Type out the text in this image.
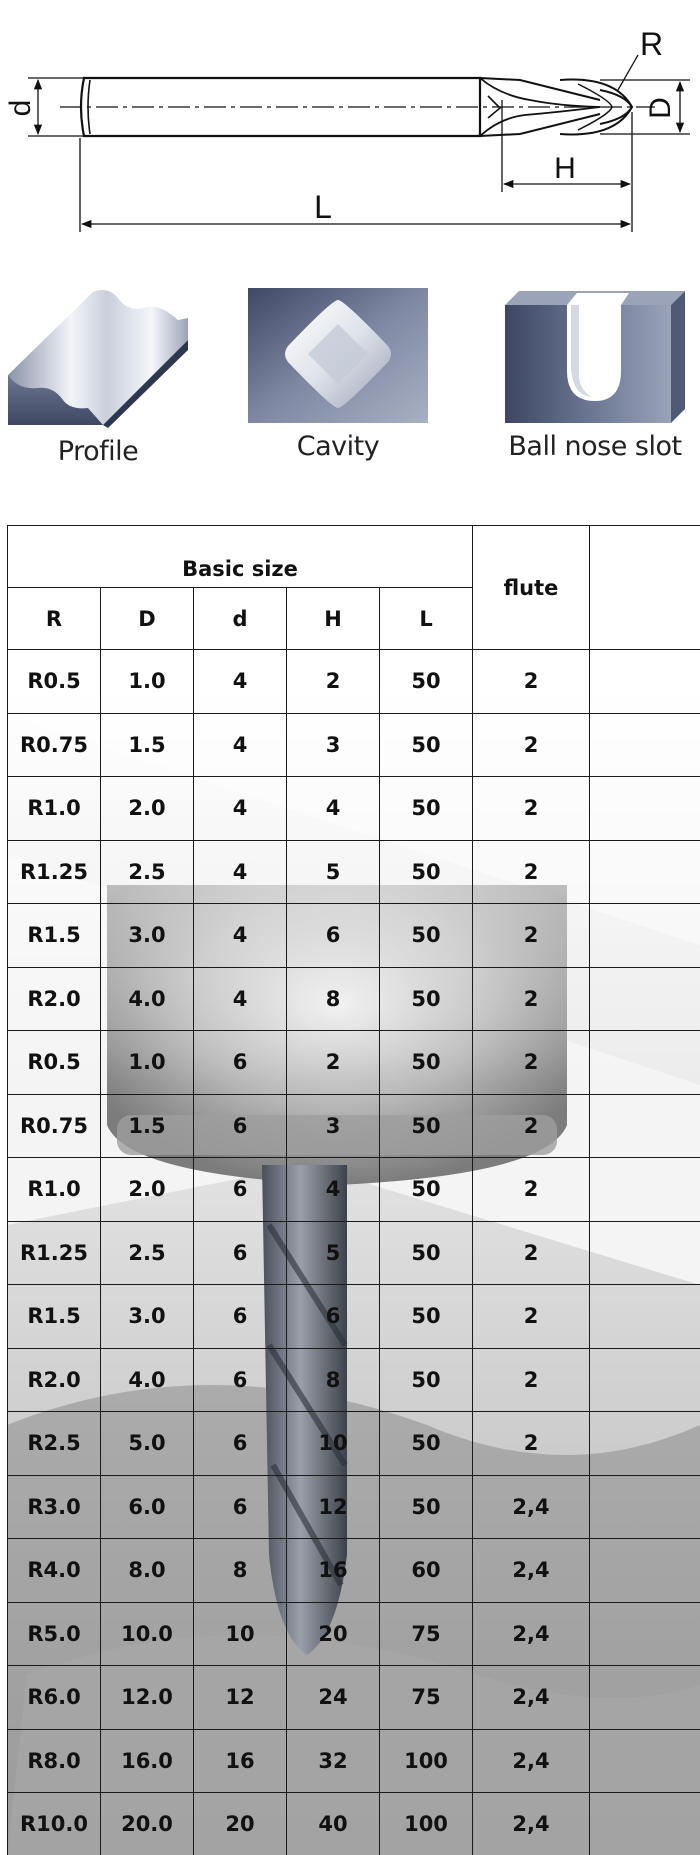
d	D
R
H
L
Profile	Cavity	Ball nose slot
Basic size					flute	
R	D	d	H	L		
R0.5	1.0	4	2	50	2	
R0.75	1.5	4	3	50	2	
R1.0	2.0	4	4	50	2	
R1.25	2.5	4	5	50	2	
R1.5	3.0	4	6	50	2	
R2.0	4.0	4	8	50	2	
R0.5	1.0	6	2	50	2	
R0.75	1.5	6	3	50	2	
R1.0	2.0	6	4	50	2	
R1.25	2.5	6	5	50	2	
R1.5	3.0	6	6	50	2	
R2.0	4.0	6	8	50	2	
R2.5	5.0	6	10	50	2	
R3.0	6.0	6	12	50	2,4	
R4.0	8.0	8	16	60	2,4	
R5.0	10.0	10	20	75	2,4	
R6.0	12.0	12	24	75	2,4	
R8.0	16.0	16	32	100	2,4	
R10.0	20.0	20	40	100	2,4	
